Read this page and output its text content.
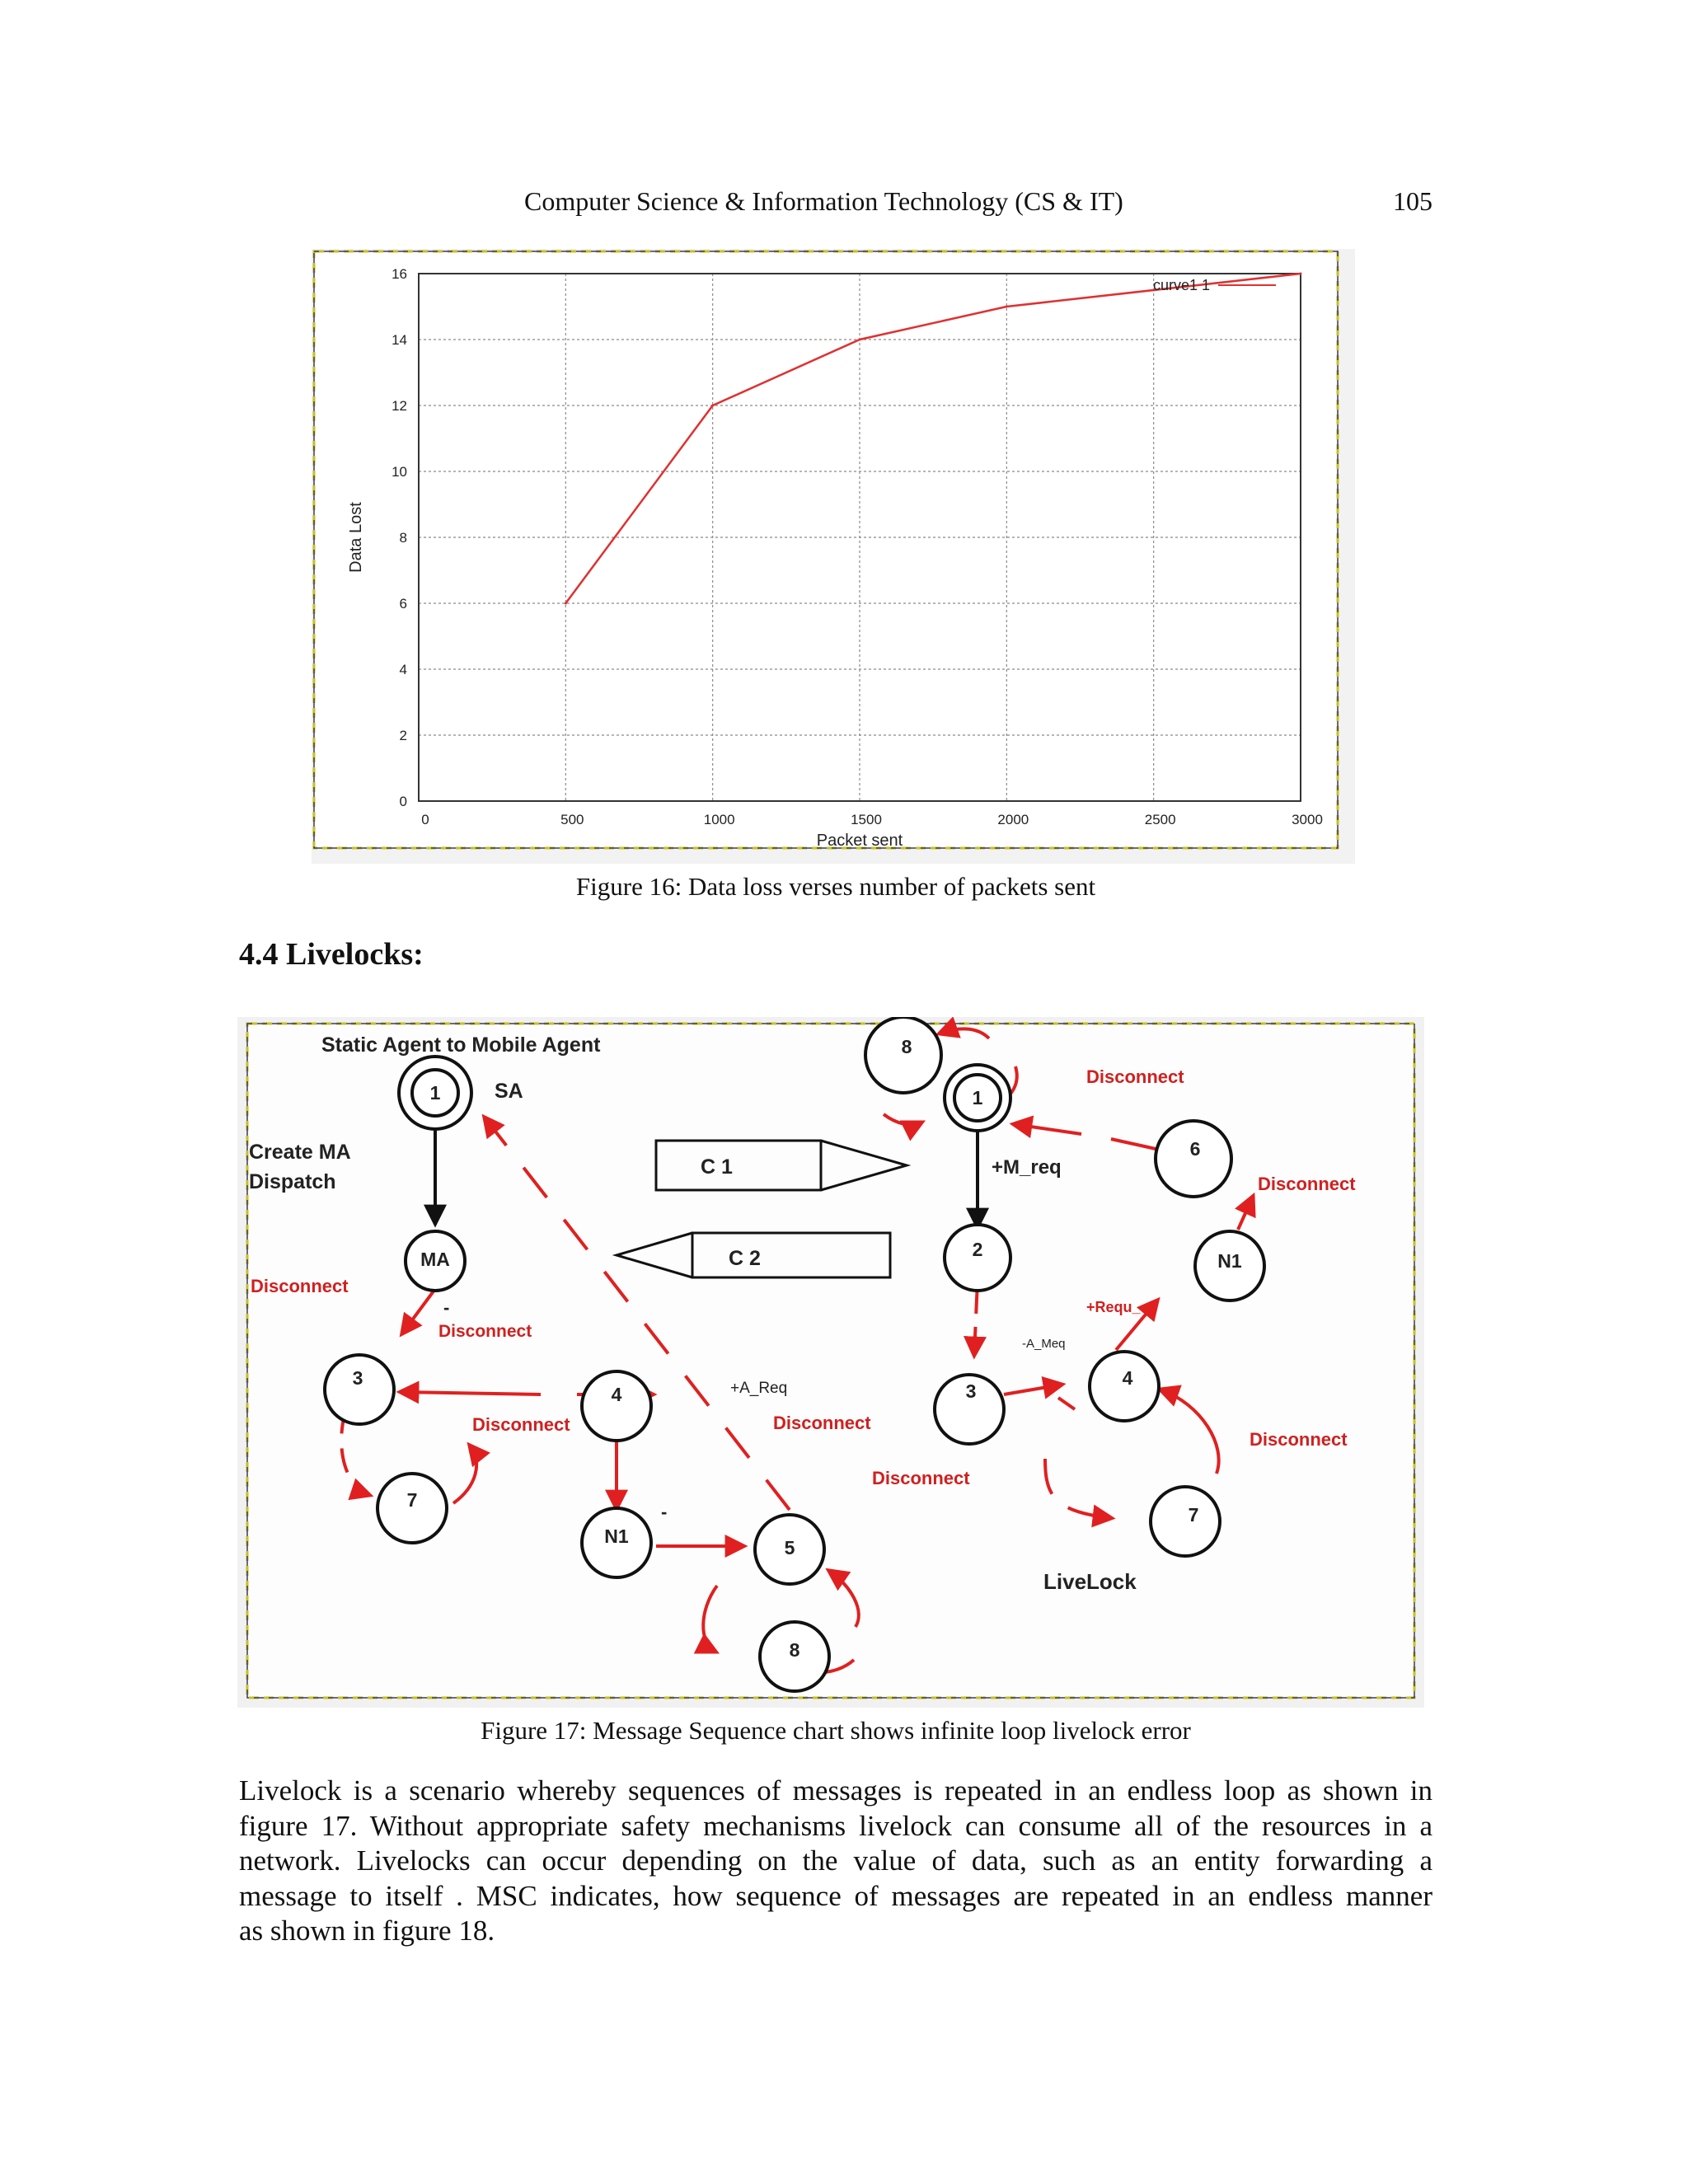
Computer Science & Information Technology (CS & IT)	105
0
2
4
6
8
10
12
14
16
0	500	1000	1500	2000	2500	3000
curve1 1
Packet sent
Data Lost
Figure 16: Data loss verses number of packets sent
4.4 Livelocks:
Static Agent to Mobile Agent
SA
Create MA
Dispatch
+M_req
+A_Req
-A_Meq
LiveLock
-
-
Disconnect
Disconnect
Disconnect	Disconnect
Disconnect
Disconnect
Disconnect
Disconnect
+Requ_
C 1
C 2
1
MA
3
7
4
N1
5
8
8
1
6
2
N1
3
4
7
Figure 17: Message Sequence chart shows infinite loop livelock error
Livelock is a scenario whereby sequences of messages is repeated in an endless loop as shown in
figure 17. Without appropriate safety mechanisms livelock can consume all of the resources in a
network. Livelocks can occur depending on the value of data, such as an entity forwarding a
message to itself . MSC indicates, how sequence of messages are repeated in an endless manner
as shown in figure 18.
